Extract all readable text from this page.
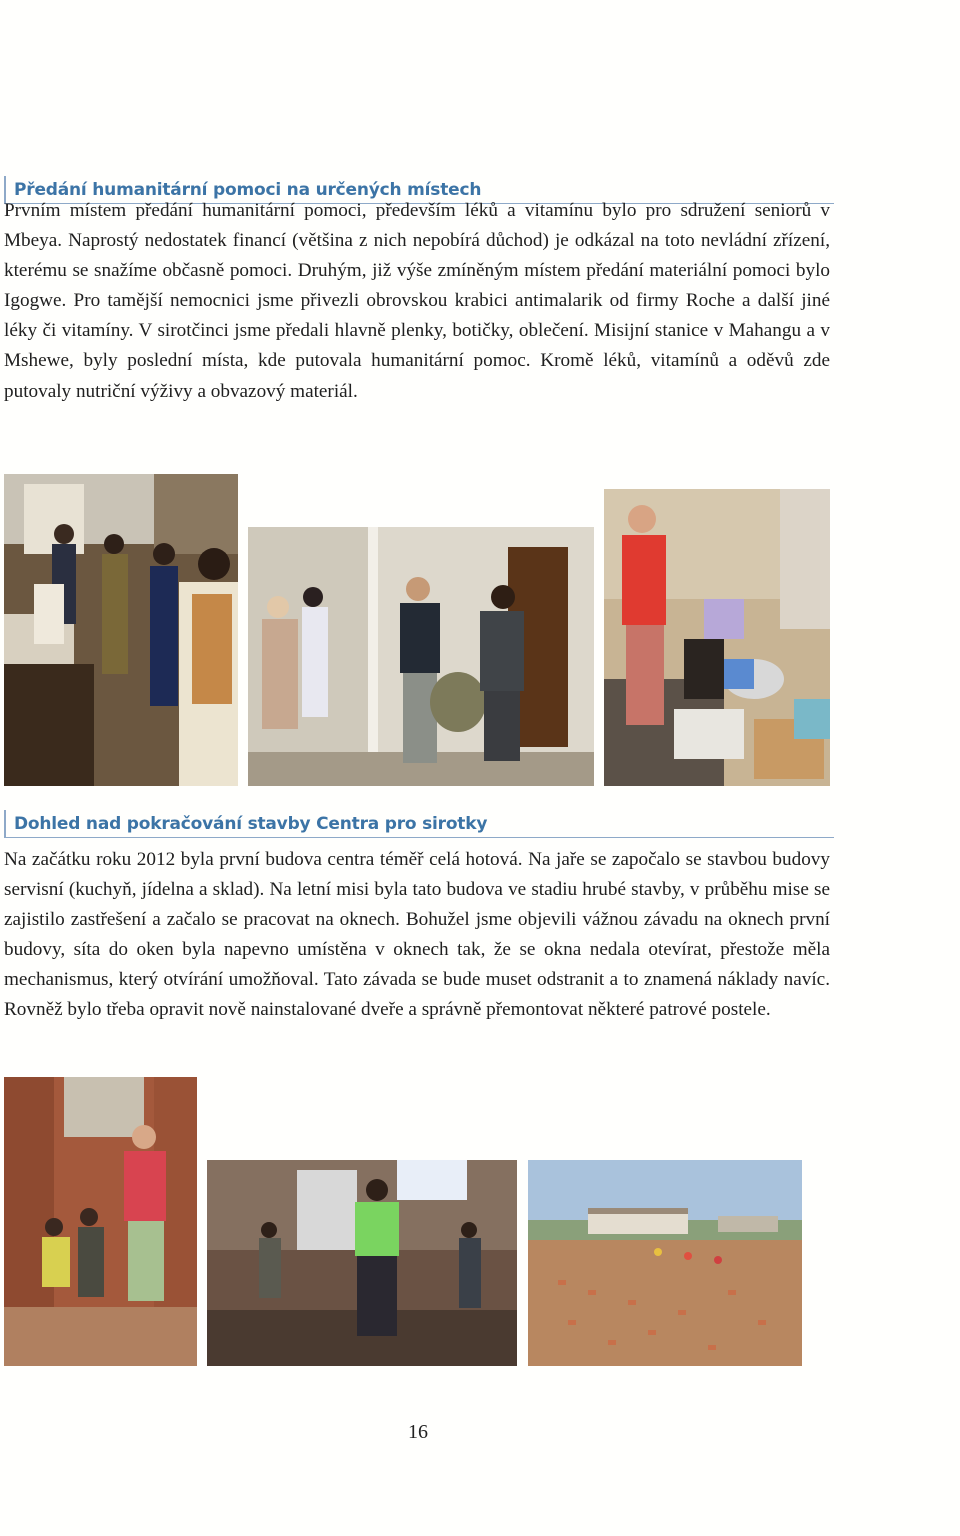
Předání humanitární pomoci na určených místech

Prvním místem předání humanitární pomoci, především léků a vitamínu bylo pro sdružení seniorů v Mbeya. Naprostý nedostatek financí (většina z nich nepobírá důchod) je odkázal na toto nevládní zřízení, kterému se snažíme občasně pomoci. Druhým, již výše zmíněným místem předání materiální pomoci bylo Igogwe. Pro tamější nemocnici jsme přivezli obrovskou krabici antimalarik od firmy Roche a další jiné léky či vitamíny. V sirotčinci jsme předali hlavně plenky, botičky, oblečení. Misijní stanice v Mahangu a v Mshewe, byly poslední místa, kde putovala humanitární pomoc. Kromě léků, vitamínů a oděvů zde putovaly nutriční výživy a obvazový materiál.

Dohled nad pokračování stavby Centra pro sirotky

Na začátku roku 2012 byla první budova centra téměř celá hotová. Na jaře se započalo se stavbou budovy servisní (kuchyň, jídelna a sklad). Na letní misi byla tato budova ve stadiu hrubé stavby, v průběhu mise se zajistilo zastřešení a začalo se pracovat na oknech. Bohužel jsme objevili vážnou závadu na oknech první budovy, síta do oken byla napevno umístěna v oknech tak, že se okna nedala otevírat, přestože měla mechanismus, který otvírání umožňoval. Tato závada se bude muset odstranit a to znamená náklady navíc. Rovněž bylo třeba opravit nově nainstalované dveře a správně přemontovat některé patrové postele.

16
